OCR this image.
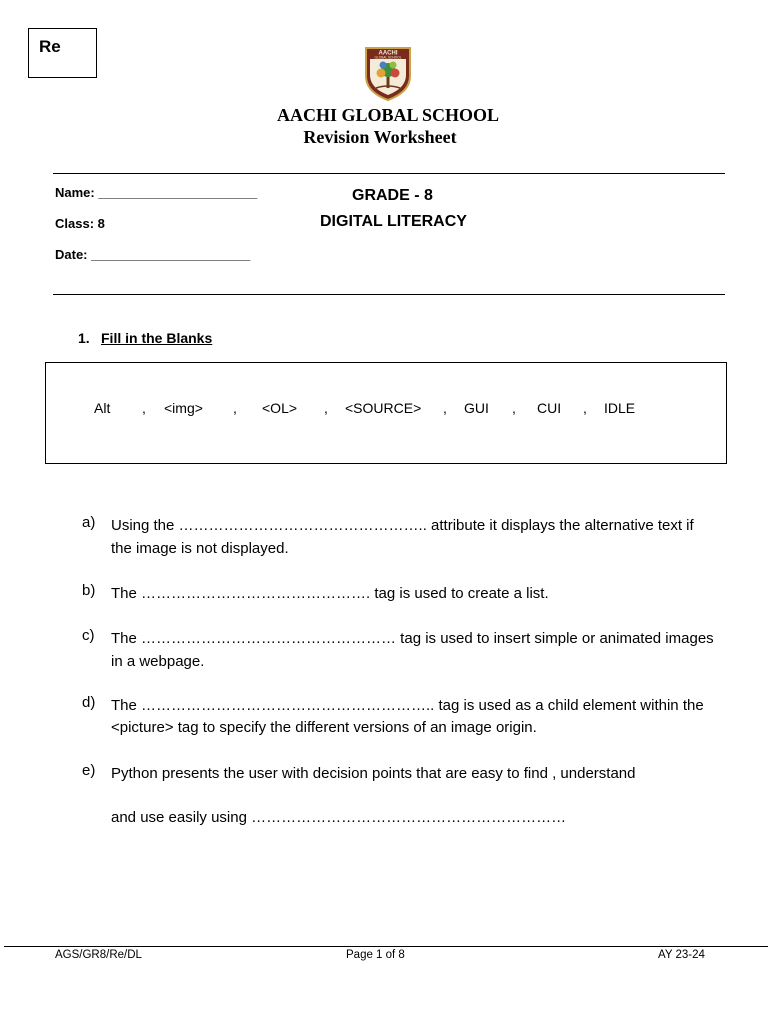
Re	AACHI
GLOBAL SCHOOL
AACHI GLOBAL SCHOOL
Revision Worksheet
Name: ______________________
Class: 8
Date: ______________________
GRADE - 8
DIGITAL LITERACY
1. Fill in the Blanks
Alt , <img> , <OL> , <SOURCE> , GUI , CUI , IDLE
a) Using the ………………………………………….. attribute it displays the alternative text if
the image is not displayed.
b) The ………………………………………. tag is used to create a list.
c) The …………………………………………… tag is used to insert simple or animated images
in a webpage.
d) The ………………………………………………….. tag is used as a child element within the
<picture> tag to specify the different versions of an image origin.
e) Python presents the user with decision points that are easy to find , understand
and use easily using ………………………………………………………
AGS/GR8/Re/DL	Page 1 of 8	AY 23-24
